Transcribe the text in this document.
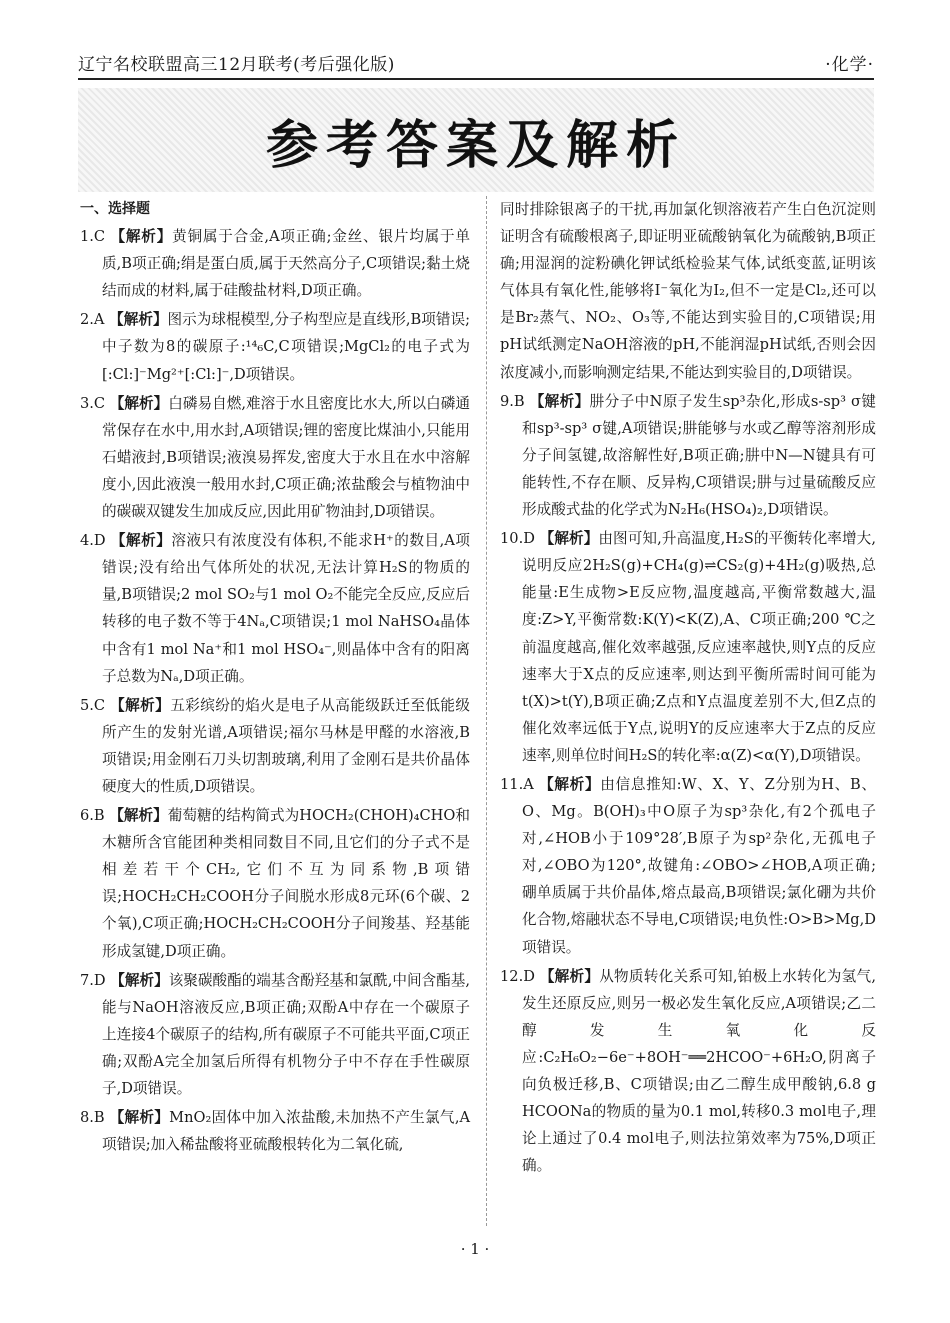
辽宁名校联盟高三12月联考(考后强化版)	·化学·
参考答案及解析
一、选择题
1.C 【解析】黄铜属于合金,A项正确;金丝、银片均属于单质,B项正确;绢是蛋白质,属于天然高分子,C项错误;黏土烧结而成的材料,属于硅酸盐材料,D项正确。
2.A 【解析】图示为球棍模型,分子构型应是直线形,B项错误;中子数为8的碳原子:¹⁴₆C,C项错误;MgCl₂的电子式为[:Cl:]⁻Mg²⁺[:Cl:]⁻,D项错误。
3.C 【解析】白磷易自燃,难溶于水且密度比水大,所以白磷通常保存在水中,用水封,A项错误;锂的密度比煤油小,只能用石蜡液封,B项错误;液溴易挥发,密度大于水且在水中溶解度小,因此液溴一般用水封,C项正确;浓盐酸会与植物油中的碳碳双键发生加成反应,因此用矿物油封,D项错误。
4.D 【解析】溶液只有浓度没有体积,不能求H⁺的数目,A项错误;没有给出气体所处的状况,无法计算H₂S的物质的量,B项错误;2 mol SO₂与1 mol O₂不能完全反应,反应后转移的电子数不等于4Nₐ,C项错误;1 mol NaHSO₄晶体中含有1 mol Na⁺和1 mol HSO₄⁻,则晶体中含有的阳离子总数为Nₐ,D项正确。
5.C 【解析】五彩缤纷的焰火是电子从高能级跃迁至低能级所产生的发射光谱,A项错误;福尔马林是甲醛的水溶液,B项错误;用金刚石刀头切割玻璃,利用了金刚石是共价晶体硬度大的性质,D项错误。
6.B 【解析】葡萄糖的结构简式为HOCH₂(CHOH)₄CHO和木糖所含官能团种类相同数目不同,且它们的分子式不是相差若干个CH₂,它们不互为同系物,B项错误;HOCH₂CH₂COOH分子间脱水形成8元环(6个碳、2个氧),C项正确;HOCH₂CH₂COOH分子间羧基、羟基能形成氢键,D项正确。
7.D 【解析】该聚碳酸酯的端基含酚羟基和氯酰,中间含酯基,能与NaOH溶液反应,B项正确;双酚A中存在一个碳原子上连接4个碳原子的结构,所有碳原子不可能共平面,C项正确;双酚A完全加氢后所得有机物分子中不存在手性碳原子,D项错误。
8.B 【解析】MnO₂固体中加入浓盐酸,未加热不产生氯气,A项错误;加入稀盐酸将亚硫酸根转化为二氧化硫,
同时排除银离子的干扰,再加氯化钡溶液若产生白色沉淀则证明含有硫酸根离子,即证明亚硫酸钠氧化为硫酸钠,B项正确;用湿润的淀粉碘化钾试纸检验某气体,试纸变蓝,证明该气体具有氧化性,能够将I⁻氧化为I₂,但不一定是Cl₂,还可以是Br₂蒸气、NO₂、O₃等,不能达到实验目的,C项错误;用pH试纸测定NaOH溶液的pH,不能润湿pH试纸,否则会因浓度减小,而影响测定结果,不能达到实验目的,D项错误。
9.B 【解析】肼分子中N原子发生sp³杂化,形成s-sp³ σ键和sp³-sp³ σ键,A项错误;肼能够与水或乙醇等溶剂形成分子间氢键,故溶解性好,B项正确;肼中N—N键具有可能转性,不存在顺、反异构,C项错误;肼与过量硫酸反应形成酸式盐的化学式为N₂H₆(HSO₄)₂,D项错误。
10.D 【解析】由图可知,升高温度,H₂S的平衡转化率增大,说明反应2H₂S(g)+CH₄(g)⇌CS₂(g)+4H₂(g)吸热,总能量:E生成物>E反应物,温度越高,平衡常数越大,温度:Z>Y,平衡常数:K(Y)<K(Z),A、C项正确;200 ℃之前温度越高,催化效率越强,反应速率越快,则Y点的反应速率大于X点的反应速率,则达到平衡所需时间可能为t(X)>t(Y),B项正确;Z点和Y点温度差别不大,但Z点的催化效率远低于Y点,说明Y的反应速率大于Z点的反应速率,则单位时间H₂S的转化率:α(Z)<α(Y),D项错误。
11.A 【解析】由信息推知:W、X、Y、Z分别为H、B、O、Mg。B(OH)₃中O原子为sp³杂化,有2个孤电子对,∠HOB小于109°28′,B原子为sp²杂化,无孤电子对,∠OBO为120°,故键角:∠OBO>∠HOB,A项正确;硼单质属于共价晶体,熔点最高,B项错误;氯化硼为共价化合物,熔融状态不导电,C项错误;电负性:O>B>Mg,D项错误。
12.D 【解析】从物质转化关系可知,铂极上水转化为氢气,发生还原反应,则另一极必发生氧化反应,A项错误;乙二醇发生氧化反应:C₂H₆O₂−6e⁻+8OH⁻══2HCOO⁻+6H₂O,阴离子向负极迁移,B、C项错误;由乙二醇生成甲酸钠,6.8 g HCOONa的物质的量为0.1 mol,转移0.3 mol电子,理论上通过了0.4 mol电子,则法拉第效率为75%,D项正确。
· 1 ·
